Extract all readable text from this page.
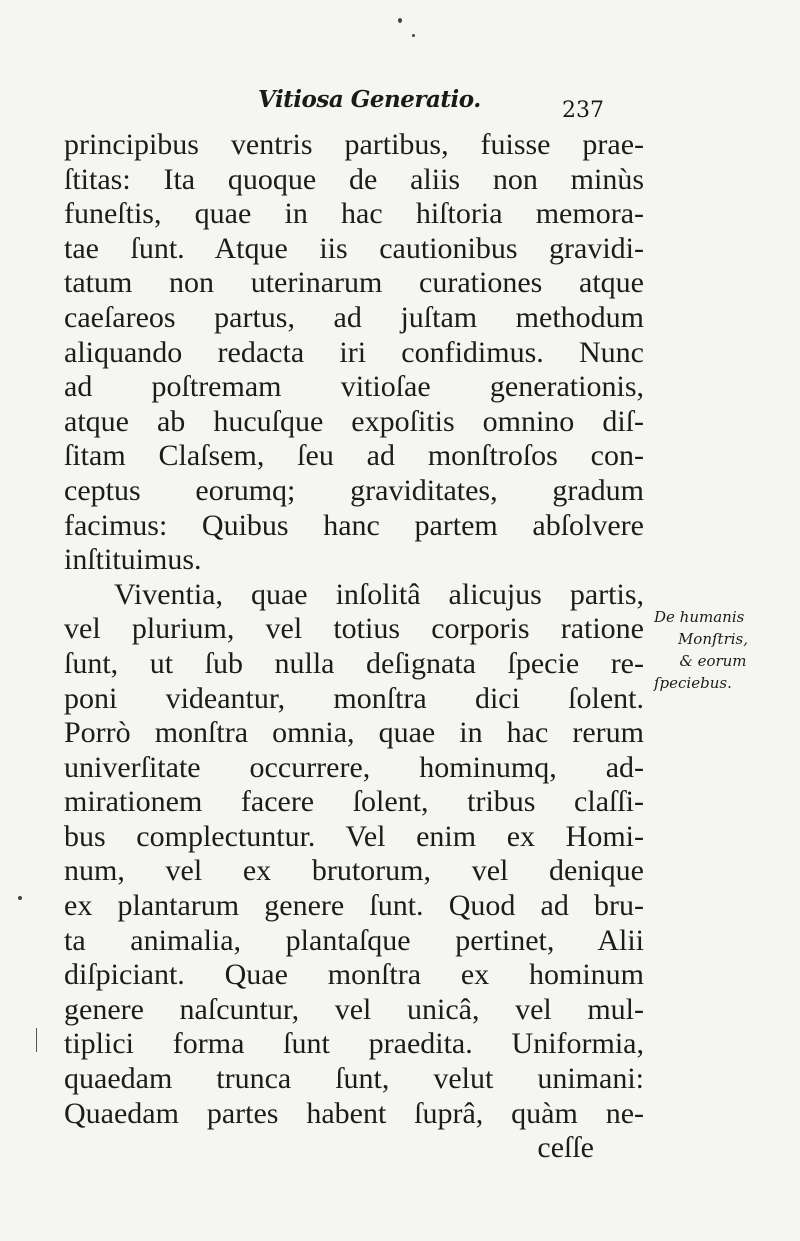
Vitiosa Generatio.	237
principibus ventris partibus, fuisse prae-
ſtitas: Ita quoque de aliis non minùs
funeſtis, quae in hac hiſtoria memora-
tae ſunt. Atque iis cautionibus gravidi-
tatum non uterinarum curationes atque
caeſareos partus, ad juſtam methodum
aliquando redacta iri confidimus. Nunc
ad poſtremam vitioſae generationis,
atque ab hucuſque expoſitis omnino diſ-
ſitam Claſsem, ſeu ad monſtroſos con-
ceptus eorumq; graviditates, gradum
facimus: Quibus hanc partem abſolvere
inſtituimus.
Viventia, quae inſolitâ alicujus partis,
vel plurium, vel totius corporis ratione
ſunt, ut ſub nulla deſignata ſpecie re-
poni videantur, monſtra dici ſolent.
Porrò monſtra omnia, quae in hac rerum
univerſitate occurrere, hominumq, ad-
mirationem facere ſolent, tribus claſſi-
bus complectuntur. Vel enim ex Homi-
num, vel ex brutorum, vel denique
ex plantarum genere ſunt. Quod ad bru-
ta animalia, plantaſque pertinet, Alii
diſpiciant. Quae monſtra ex hominum
genere naſcuntur, vel unicâ, vel mul-
tiplici forma ſunt praedita. Uniformia,
quaedam trunca ſunt, velut unimani:
Quaedam partes habent ſuprâ, quàm ne-
ceſſe
De humanis
Monſtris,
& eorum
ſpeciebus.
